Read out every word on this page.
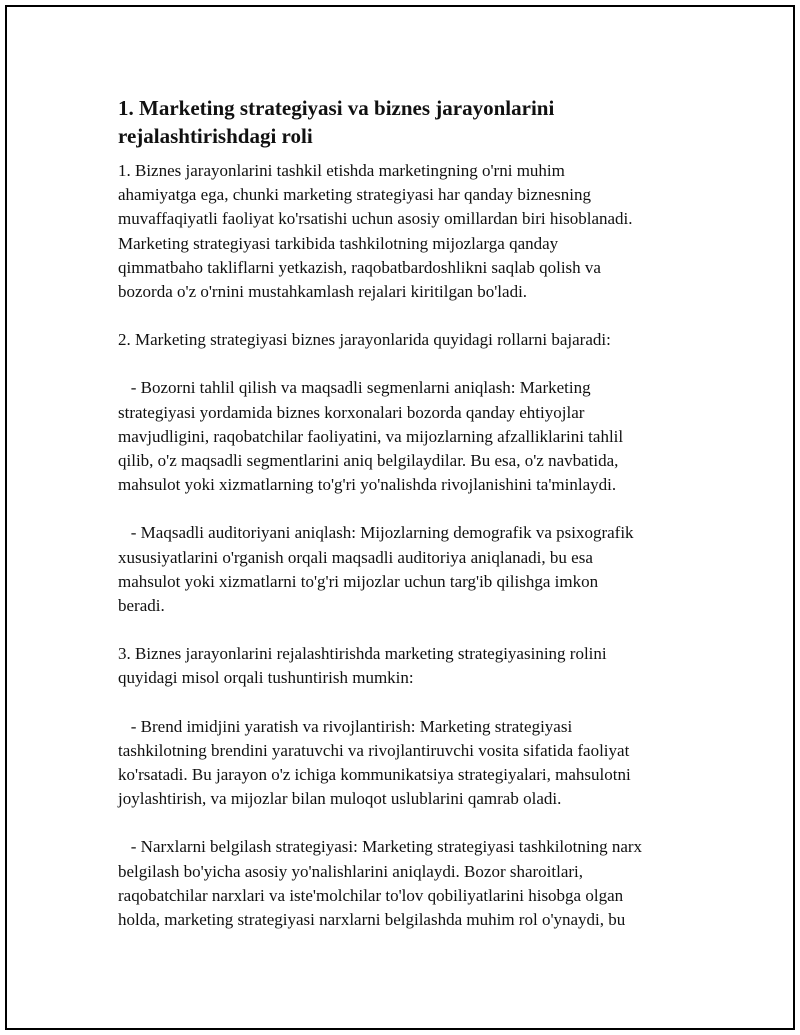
1. Marketing strategiyasi va biznes jarayonlarini
rejalashtirishdagi roli
1. Biznes jarayonlarini tashkil etishda marketingning o'rni muhim
ahamiyatga ega, chunki marketing strategiyasi har qanday biznesning
muvaffaqiyatli faoliyat ko'rsatishi uchun asosiy omillardan biri hisoblanadi.
Marketing strategiyasi tarkibida tashkilotning mijozlarga qanday
qimmatbaho takliflarni yetkazish, raqobatbardoshlikni saqlab qolish va
bozorda o'z o'rnini mustahkamlash rejalari kiritilgan bo'ladi.
2. Marketing strategiyasi biznes jarayonlarida quyidagi rollarni bajaradi:
- Bozorni tahlil qilish va maqsadli segmenlarni aniqlash: Marketing
strategiyasi yordamida biznes korxonalari bozorda qanday ehtiyojlar
mavjudligini, raqobatchilar faoliyatini, va mijozlarning afzalliklarini tahlil
qilib, o'z maqsadli segmentlarini aniq belgilaydilar. Bu esa, o'z navbatida,
mahsulot yoki xizmatlarning to'g'ri yo'nalishda rivojlanishini ta'minlaydi.
- Maqsadli auditoriyani aniqlash: Mijozlarning demografik va psixografik
xususiyatlarini o'rganish orqali maqsadli auditoriya aniqlanadi, bu esa
mahsulot yoki xizmatlarni to'g'ri mijozlar uchun targ'ib qilishga imkon
beradi.
3. Biznes jarayonlarini rejalashtirishda marketing strategiyasining rolini
quyidagi misol orqali tushuntirish mumkin:
- Brend imidjini yaratish va rivojlantirish: Marketing strategiyasi
tashkilotning brendini yaratuvchi va rivojlantiruvchi vosita sifatida faoliyat
ko'rsatadi. Bu jarayon o'z ichiga kommunikatsiya strategiyalari, mahsulotni
joylashtirish, va mijozlar bilan muloqot uslublarini qamrab oladi.
- Narxlarni belgilash strategiyasi: Marketing strategiyasi tashkilotning narx
belgilash bo'yicha asosiy yo'nalishlarini aniqlaydi. Bozor sharoitlari,
raqobatchilar narxlari va iste'molchilar to'lov qobiliyatlarini hisobga olgan
holda, marketing strategiyasi narxlarni belgilashda muhim rol o'ynaydi, bu
